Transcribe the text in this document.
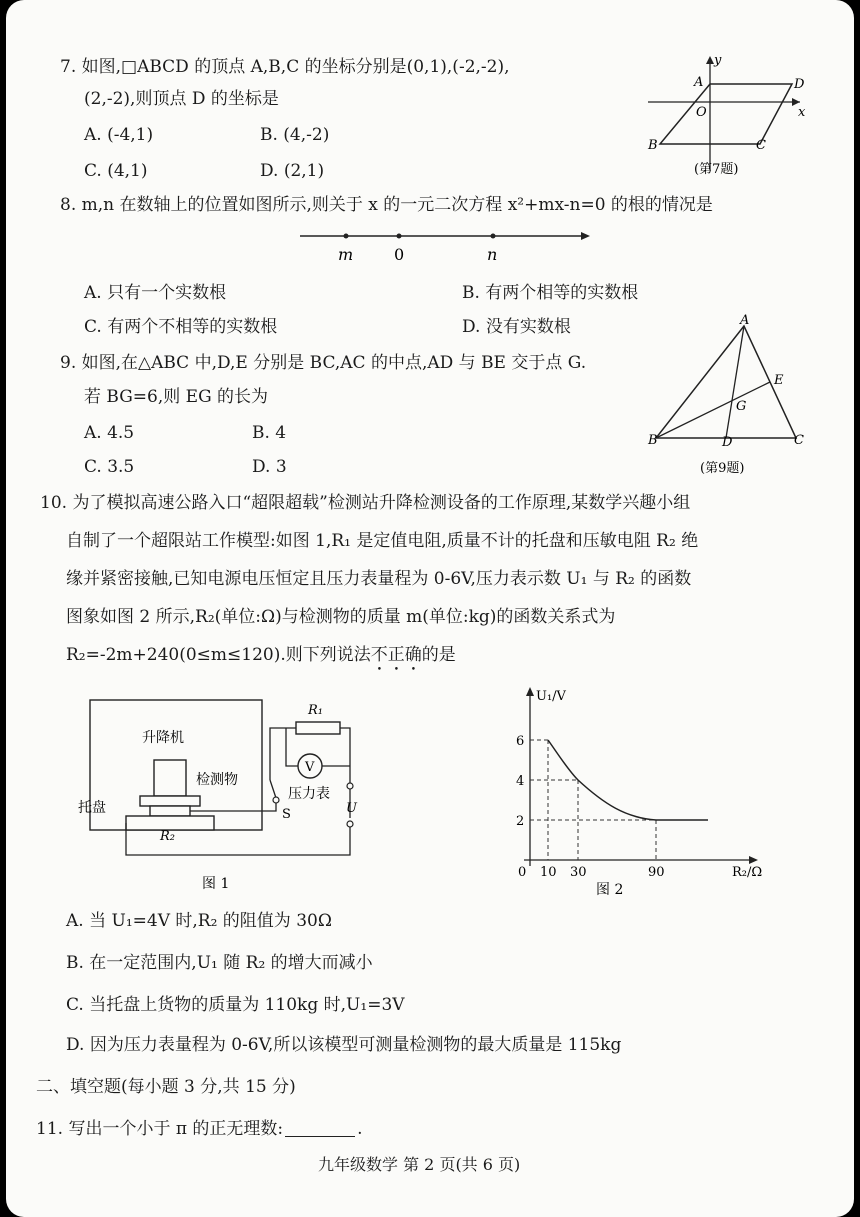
7. 如图,□ABCD 的顶点 A,B,C 的坐标分别是(0,1),(-2,-2),
(2,-2),则顶点 D 的坐标是
A. (-4,1)	B. (4,-2)
C. (4,1)	D. (2,1)
y
x
A	D
O
B	C
(第7题)
8. m,n 在数轴上的位置如图所示,则关于 x 的一元二次方程 x²+mx-n=0 的根的情况是
m	0	n
A. 只有一个实数根	B. 有两个相等的实数根
C. 有两个不相等的实数根	D. 没有实数根
9. 如图,在△ABC 中,D,E 分别是 BC,AC 的中点,AD 与 BE 交于点 G.
若 BG=6,则 EG 的长为
A. 4.5	B. 4
C. 3.5	D. 3
A
E
G
B	D	C
(第9题)
10. 为了模拟高速公路入口“超限超载”检测站升降检测设备的工作原理,某数学兴趣小组
自制了一个超限站工作模型:如图 1,R₁ 是定值电阻,质量不计的托盘和压敏电阻 R₂ 绝
缘并紧密接触,已知电源电压恒定且压力表量程为 0-6V,压力表示数 U₁ 与 R₂ 的函数
图象如图 2 所示,R₂(单位:Ω)与检测物的质量 m(单位:kg)的函数关系式为
R₂=-2m+240(0≤m≤120).则下列说法不正确的是
升降机
检测物
托盘
R₂
S
R₁
V
压力表
U
图 1
U₁/V
R₂/Ω
图 2
0 10 30	90
2
4
6
A. 当 U₁=4V 时,R₂ 的阻值为 30Ω
B. 在一定范围内,U₁ 随 R₂ 的增大而减小
C. 当托盘上货物的质量为 110kg 时,U₁=3V
D. 因为压力表量程为 0-6V,所以该模型可测量检测物的最大质量是 115kg
二、填空题(每小题 3 分,共 15 分)
11. 写出一个小于 π 的正无理数:	.
九年级数学 第 2 页(共 6 页)
